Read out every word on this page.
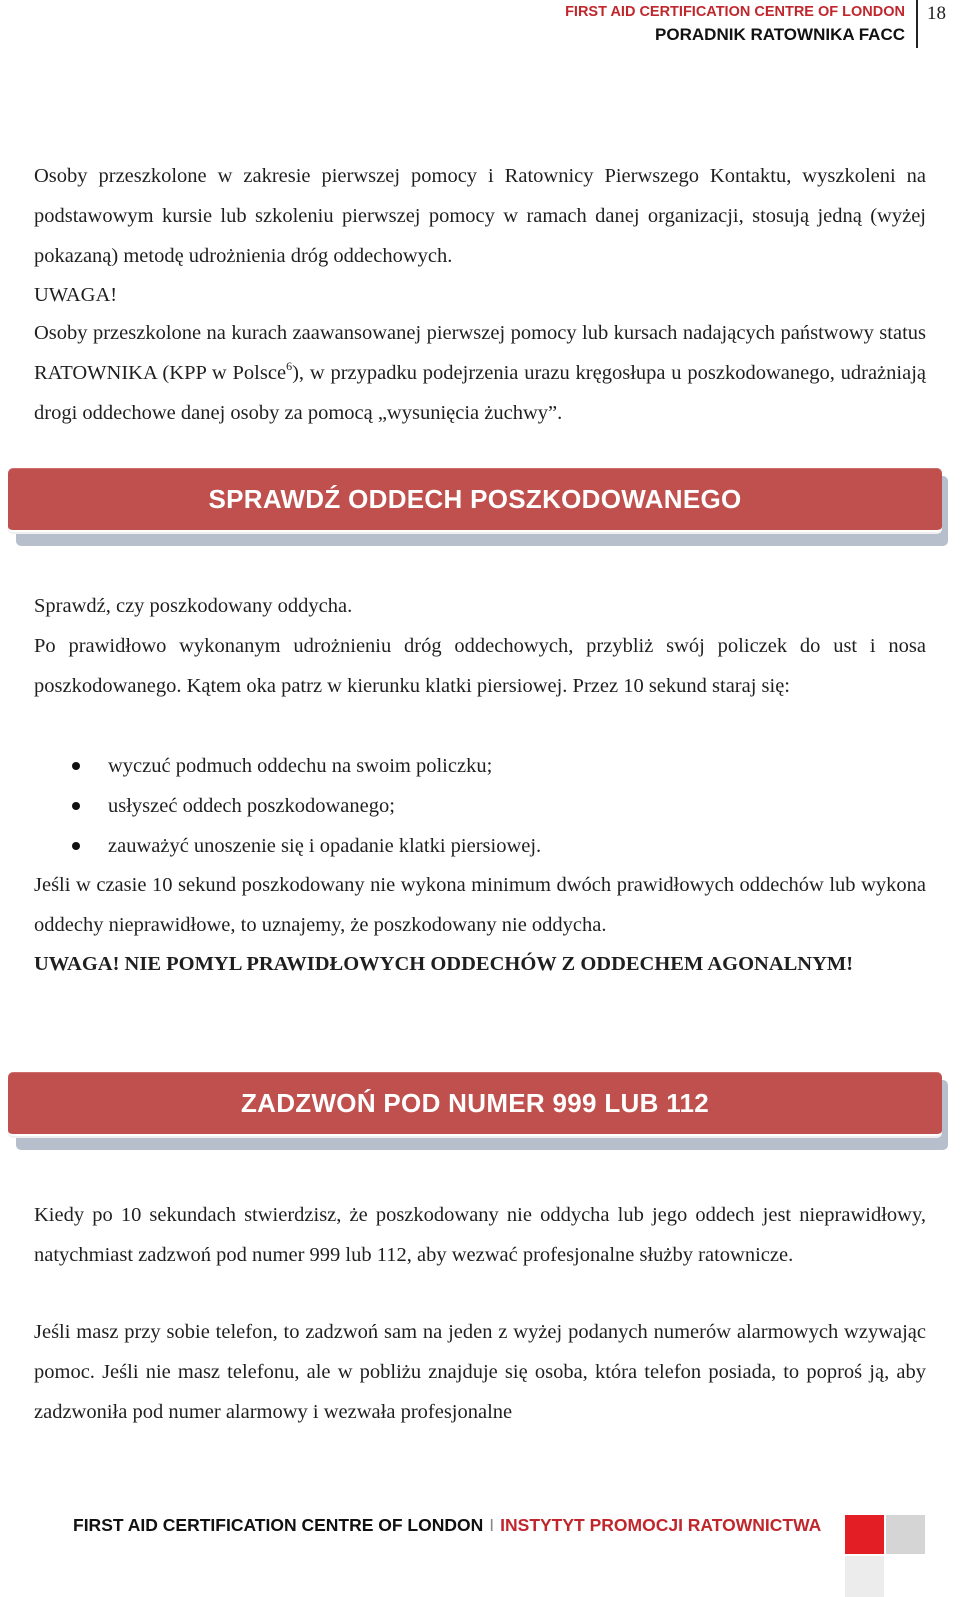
FIRST AID CERTIFICATION CENTRE OF LONDON
PORADNIK RATOWNIKA FACC
18

Osoby przeszkolone w zakresie pierwszej pomocy i Ratownicy Pierwszego Kontaktu, wyszkoleni na podstawowym kursie lub szkoleniu pierwszej pomocy w ramach danej organizacji, stosują jedną (wyżej pokazaną) metodę udrożnienia dróg oddechowych.

UWAGA!

Osoby przeszkolone na kurach zaawansowanej pierwszej pomocy lub kursach nadających państwowy status RATOWNIKA (KPP w Polsce$^6$), w przypadku podejrzenia urazu kręgosłupa u poszkodowanego, udrażniają drogi oddechowe danej osoby za pomocą „wysunięcia żuchwy”.

SPRAWDŹ ODDECH POSZKODOWANEGO

Sprawdź, czy poszkodowany oddycha.

Po prawidłowo wykonanym udrożnieniu dróg oddechowych, przybliż swój policzek do ust i nosa poszkodowanego. Kątem oka patrz w kierunku klatki piersiowej. Przez 10 sekund staraj się:

wyczuć podmuch oddechu na swoim policzku;
usłyszeć oddech poszkodowanego;
zauważyć unoszenie się i opadanie klatki piersiowej.

Jeśli w czasie 10 sekund poszkodowany nie wykona minimum dwóch prawidłowych oddechów lub wykona oddechy nieprawidłowe, to uznajemy, że poszkodowany nie oddycha.

UWAGA! NIE POMYL PRAWIDŁOWYCH ODDECHÓW Z ODDECHEM AGONALNYM!

ZADZWOŃ POD NUMER 999 LUB 112

Kiedy po 10 sekundach stwierdzisz, że poszkodowany nie oddycha lub jego oddech jest nieprawidłowy, natychmiast zadzwoń pod numer 999 lub 112, aby wezwać profesjonalne służby ratownicze.

Jeśli masz przy sobie telefon, to zadzwoń sam na jeden z wyżej podanych numerów alarmowych wzywając pomoc. Jeśli nie masz telefonu, ale w pobliżu znajduje się osoba, która telefon posiada, to poproś ją, aby zadzwoniła pod numer alarmowy i wezwała profesjonalne

FIRST AID CERTIFICATION CENTRE OF LONDON I INSTYTYT PROMOCJI RATOWNICTWA
